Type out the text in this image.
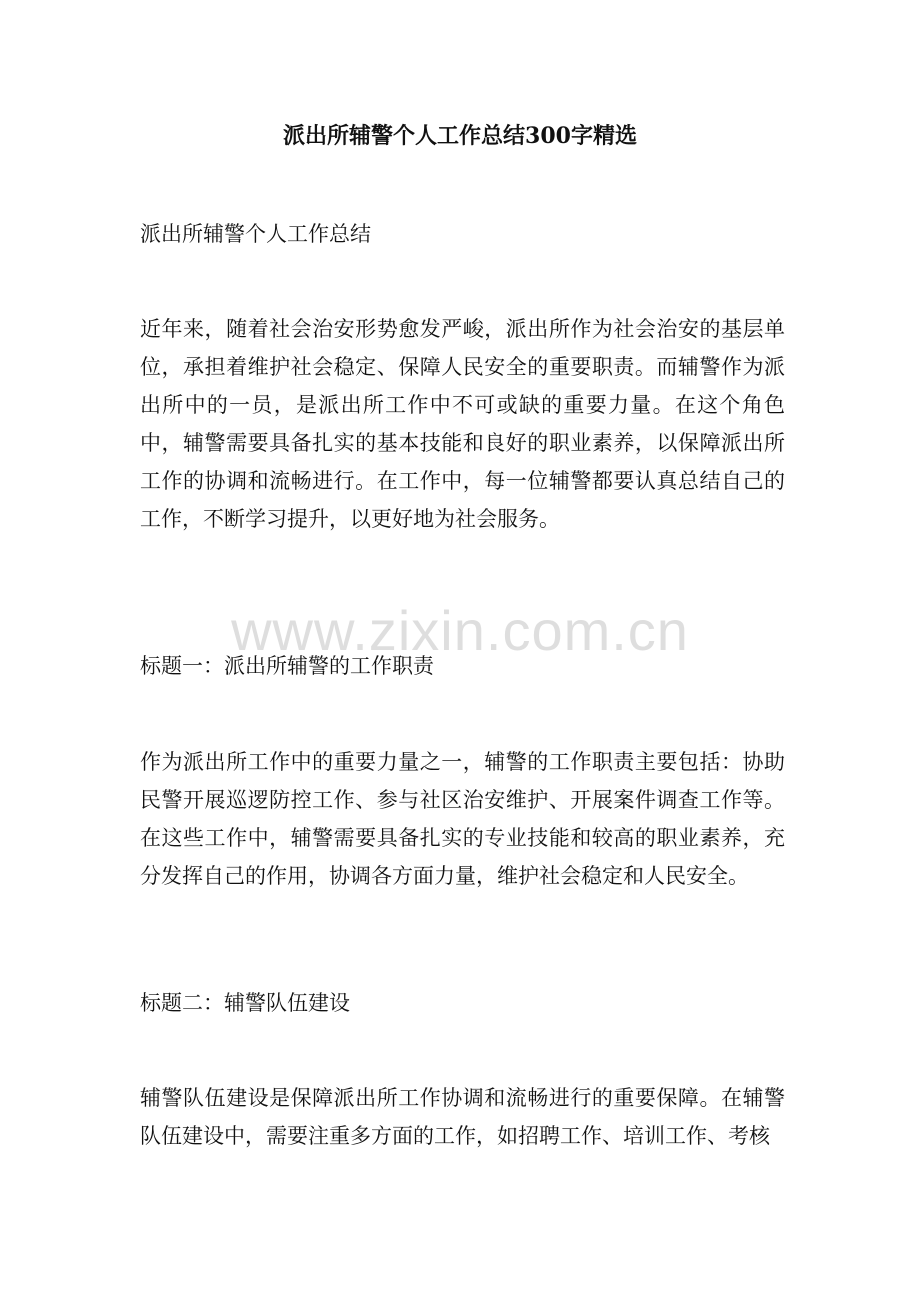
派出所辅警个人工作总结300字精选

派出所辅警个人工作总结

近年来，随着社会治安形势愈发严峻，派出所作为社会治安的基层单位，承担着维护社会稳定、保障人民安全的重要职责。而辅警作为派出所中的一员，是派出所工作中不可或缺的重要力量。在这个角色中，辅警需要具备扎实的基本技能和良好的职业素养，以保障派出所工作的协调和流畅进行。在工作中，每一位辅警都要认真总结自己的工作，不断学习提升，以更好地为社会服务。

标题一：派出所辅警的工作职责

作为派出所工作中的重要力量之一，辅警的工作职责主要包括：协助民警开展巡逻防控工作、参与社区治安维护、开展案件调查工作等。在这些工作中，辅警需要具备扎实的专业技能和较高的职业素养，充分发挥自己的作用，协调各方面力量，维护社会稳定和人民安全。

标题二：辅警队伍建设

辅警队伍建设是保障派出所工作协调和流畅进行的重要保障。在辅警队伍建设中，需要注重多方面的工作，如招聘工作、培训工作、考核

www.zixin.com.cn
